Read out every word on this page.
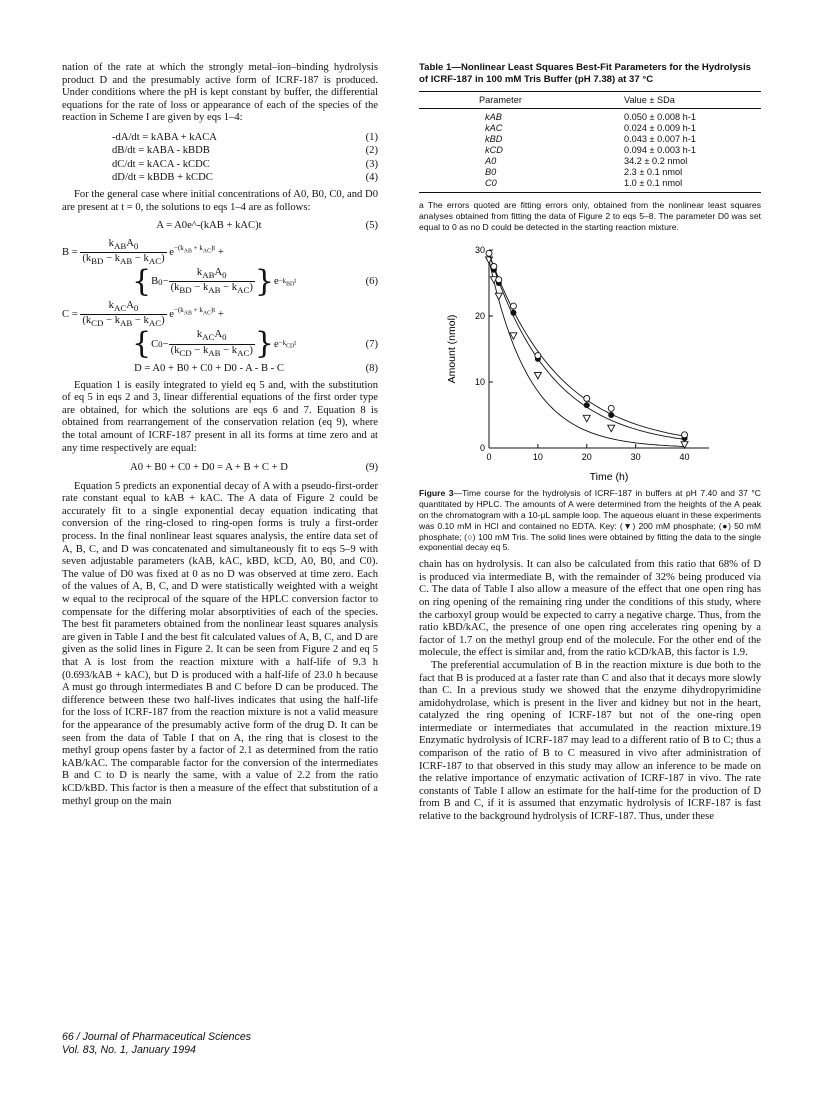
nation of the rate at which the strongly metal–ion–binding hydrolysis product D and the presumably active form of ICRF-187 is produced. Under conditions where the pH is kept constant by buffer, the differential equations for the rate of loss or appearance of each of the species of the reaction in Scheme I are given by eqs 1–4:

-dA/dt = kABA + kACA	(1)
dB/dt = kABA - kBDB	(2)
dC/dt = kACA - kCDC	(3)
dD/dt = kBDB + kCDC	(4)

For the general case where initial concentrations of A0, B0, C0, and D0 are present at t = 0, the solutions to eqs 1–4 are as follows:

A = A0e^-(kAB + kAC)t	(5)
$B = \frac{k_{AB}A_0}{(k_{BD} - k_{AB} - k_{AC})} e^{-(k_{AB} + k_{AC})t}$ +
{ B $0 - \frac{k_{AB}A_0}{(k_{BD} - k_{AB} - k_{AC})}$ } $e -k_{BD}t$	(6)
$C = \frac{k_{AC}A_0}{(k_{CD} - k_{AB} - k_{AC})} e^{-(k_{AB} + k_{AC})t}$ +
{ C $0 - \frac{k_{AC}A_0}{(k_{CD} - k_{AB} - k_{AC})}$ } $e -k_{CD}t$	(7)
D = A0 + B0 + C0 + D0 - A - B - C	(8)

Equation 1 is easily integrated to yield eq 5 and, with the substitution of eq 5 in eqs 2 and 3, linear differential equations of the first order type are obtained, for which the solutions are eqs 6 and 7. Equation 8 is obtained from rearrangement of the conservation relation (eq 9), where the total amount of ICRF-187 present in all its forms at time zero and at any time respectively are equal:

A0 + B0 + C0 + D0 = A + B + C + D	(9)

Equation 5 predicts an exponential decay of A with a pseudo-first-order rate constant equal to kAB + kAC. The A data of Figure 2 could be accurately fit to a single exponential decay equation indicating that conversion of the ring-closed to ring-open forms is truly a first-order process. In the final nonlinear least squares analysis, the entire data set of A, B, C, and D was concatenated and simultaneously fit to eqs 5–9 with seven adjustable parameters (kAB, kAC, kBD, kCD, A0, B0, and C0). The value of D0 was fixed at 0 as no D was observed at time zero. Each of the values of A, B, C, and D were statistically weighted with a weight w equal to the reciprocal of the square of the HPLC conversion factor to compensate for the differing molar absorptivities of each of the species. The best fit parameters obtained from the nonlinear least squares analysis are given in Table I and the best fit calculated values of A, B, C, and D are given as the solid lines in Figure 2. It can be seen from Figure 2 and eq 5 that A is lost from the reaction mixture with a half-life of 9.3 h (0.693/kAB + kAC), but D is produced with a half-life of 23.0 h because A must go through intermediates B and C before D can be produced. The difference between these two half-lives indicates that using the half-life for the loss of ICRF-187 from the reaction mixture is not a valid measure for the appearance of the presumably active form of the drug D. It can be seen from the data of Table I that on A, the ring that is closest to the methyl group opens faster by a factor of 2.1 as determined from the ratio kAB/kAC. The comparable factor for the conversion of the intermediates B and C to D is nearly the same, with a value of 2.2 from the ratio kCD/kBD. This factor is then a measure of the effect that substitution of a methyl group on the main

Table 1—Nonlinear Least Squares Best-Fit Parameters for the Hydrolysis of ICRF-187 in 100 mM Tris Buffer (pH 7.38) at 37 °C
Parameter	Value ± SDa
kAB	0.050 ± 0.008 h-1
kAC	0.024 ± 0.009 h-1
kBD	0.043 ± 0.007 h-1
kCD	0.094 ± 0.003 h-1
A0	34.2 ± 0.2 nmol
B0	2.3 ± 0.1 nmol
C0	1.0 ± 0.1 nmol
a The errors quoted are fitting errors only, obtained from the nonlinear least squares analyses obtained from fitting the data of Figure 2 to eqs 5–8. The parameter D0 was set equal to 0 as no D could be detected in the starting reaction mixture.
0
10
20
30
0	10	20	30	40
Time (h)
Amount (nmol)
Figure 3—Time course for the hydrolysis of ICRF-187 in buffers at pH 7.40 and 37 °C quantitated by HPLC. The amounts of A were determined from the heights of the A peak on the chromatogram with a 10-μL sample loop. The aqueous eluant in these experiments was 0.10 mM in HCl and contained no EDTA. Key: (▼) 200 mM phosphate; (●) 50 mM phosphate; (○) 100 mM Tris. The solid lines were obtained by fitting the data to the single exponential decay eq 5.

chain has on hydrolysis. It can also be calculated from this ratio that 68% of D is produced via intermediate B, with the remainder of 32% being produced via C. The data of Table I also allow a measure of the effect that one open ring has on ring opening of the remaining ring under the conditions of this study, where the carboxyl group would be expected to carry a negative charge. Thus, from the ratio kBD/kAC, the presence of one open ring accelerates ring opening by a factor of 1.7 on the methyl group end of the molecule. For the other end of the molecule, the effect is similar and, from the ratio kCD/kAB, this factor is 1.9.

The preferential accumulation of B in the reaction mixture is due both to the fact that B is produced at a faster rate than C and also that it decays more slowly than C. In a previous study we showed that the enzyme dihydropyrimidine amidohydrolase, which is present in the liver and kidney but not in the heart, catalyzed the ring opening of ICRF-187 but not of the one-ring open intermediate or intermediates that accumulated in the reaction mixture.19 Enzymatic hydrolysis of ICRF-187 may lead to a different ratio of B to C; thus a comparison of the ratio of B to C measured in vivo after administration of ICRF-187 to that observed in this study may allow an inference to be made on the relative importance of enzymatic activation of ICRF-187 in vivo. The rate constants of Table I allow an estimate for the half-time for the production of D from B and C, if it is assumed that enzymatic hydrolysis of ICRF-187 is fast relative to the background hydrolysis of ICRF-187. Thus, under these

66 / Journal of Pharmaceutical Sciences
Vol. 83, No. 1, January 1994
